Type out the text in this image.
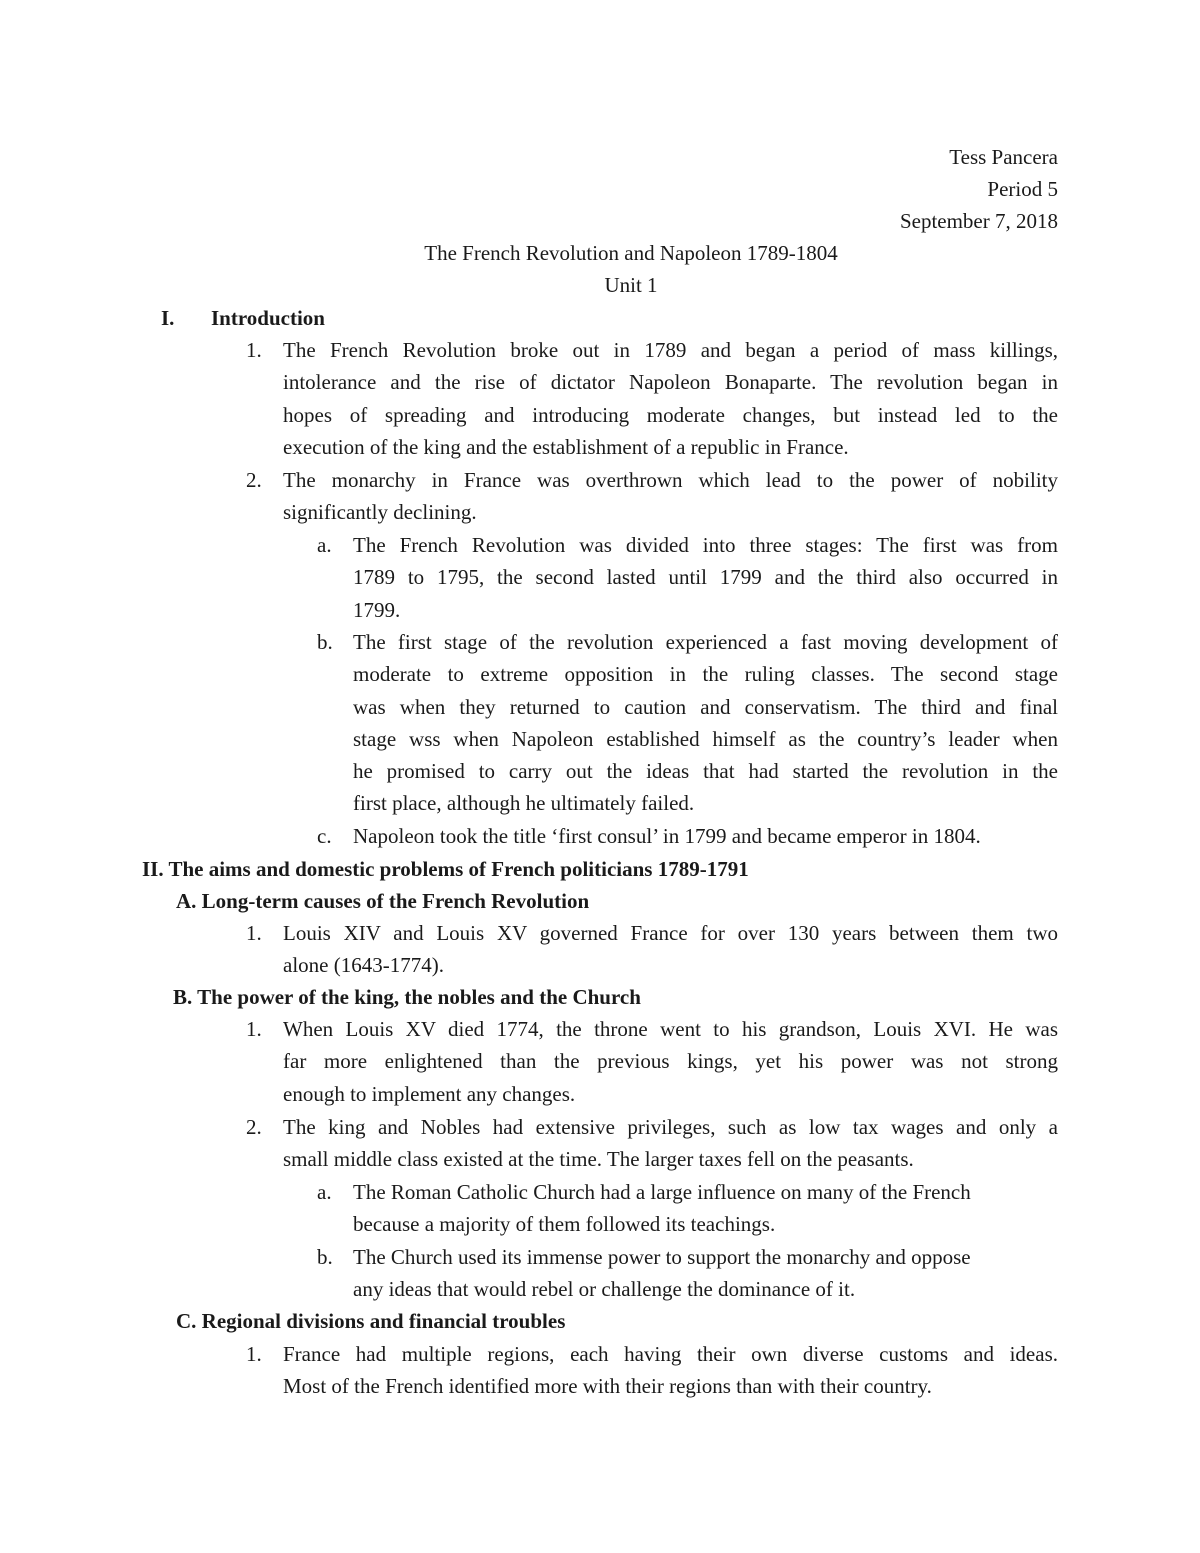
Tess Pancera
Period 5
September 7, 2018
The French Revolution and Napoleon 1789-1804
Unit 1
I. Introduction
1. The French Revolution broke out in 1789 and began a period of mass killings,
intolerance and the rise of dictator Napoleon Bonaparte. The revolution began in
hopes of spreading and introducing moderate changes, but instead led to the
execution of the king and the establishment of a republic in France.
2. The monarchy in France was overthrown which lead to the power of nobility
significantly declining.
a. The French Revolution was divided into three stages: The first was from
1789 to 1795, the second lasted until 1799 and the third also occurred in
1799.
b. The first stage of the revolution experienced a fast moving development of
moderate to extreme opposition in the ruling classes. The second stage
was when they returned to caution and conservatism. The third and final
stage wss when Napoleon established himself as the country’s leader when
he promised to carry out the ideas that had started the revolution in the
first place, although he ultimately failed.
c. Napoleon took the title ‘first consul’ in 1799 and became emperor in 1804.
II. The aims and domestic problems of French politicians 1789-1791
A. Long-term causes of the French Revolution
1. Louis XIV and Louis XV governed France for over 130 years between them two
alone (1643-1774).
B. The power of the king, the nobles and the Church
1. When Louis XV died 1774, the throne went to his grandson, Louis XVI. He was
far more enlightened than the previous kings, yet his power was not strong
enough to implement any changes.
2. The king and Nobles had extensive privileges, such as low tax wages and only a
small middle class existed at the time. The larger taxes fell on the peasants.
a. The Roman Catholic Church had a large influence on many of the French
because a majority of them followed its teachings.
b. The Church used its immense power to support the monarchy and oppose
any ideas that would rebel or challenge the dominance of it.
C. Regional divisions and financial troubles
1. France had multiple regions, each having their own diverse customs and ideas.
Most of the French identified more with their regions than with their country.
